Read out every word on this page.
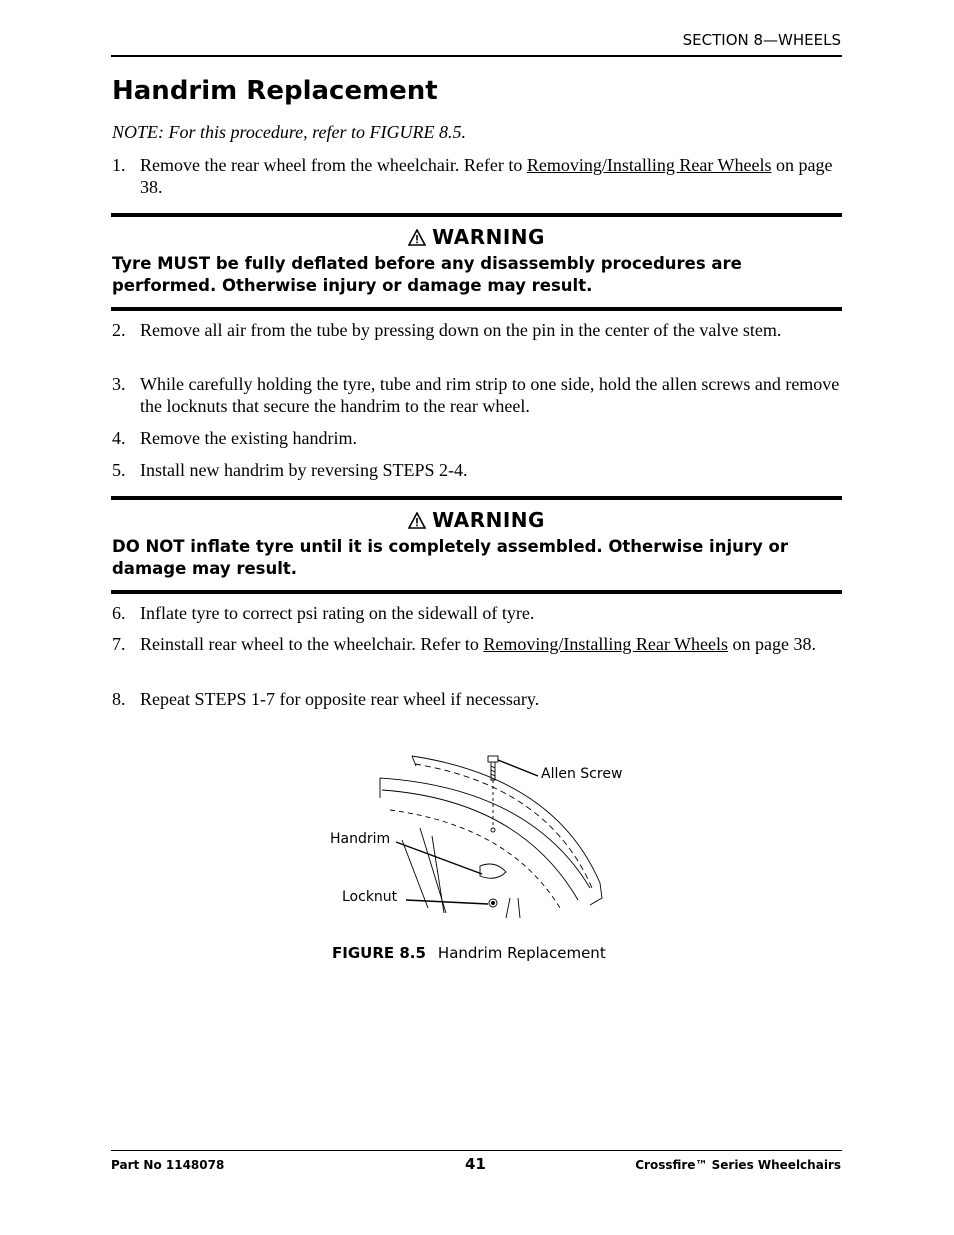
SECTION 8—WHEELS
Handrim Replacement
NOTE: For this procedure, refer to FIGURE 8.5.
1. Remove the rear wheel from the wheelchair. Refer to Removing/Installing Rear Wheels on page 38.
WARNING
Tyre MUST be fully deflated before any disassembly procedures are performed. Otherwise injury or damage may result.
2. Remove all air from the tube by pressing down on the pin in the center of the valve stem.
3. While carefully holding the tyre, tube and rim strip to one side, hold the allen screws and remove the locknuts that secure the handrim to the rear wheel.
4. Remove the existing handrim.
5. Install new handrim by reversing STEPS 2-4.
WARNING
DO NOT inflate tyre until it is completely assembled. Otherwise injury or damage may result.
6. Inflate tyre to correct psi rating on the sidewall of tyre.
7. Reinstall rear wheel to the wheelchair. Refer to Removing/Installing Rear Wheels on page 38.
8. Repeat STEPS 1-7 for opposite rear wheel if necessary.
Allen Screw
Handrim
Locknut
FIGURE 8.5 Handrim Replacement
Part No 1148078	41	Crossfire™ Series Wheelchairs
